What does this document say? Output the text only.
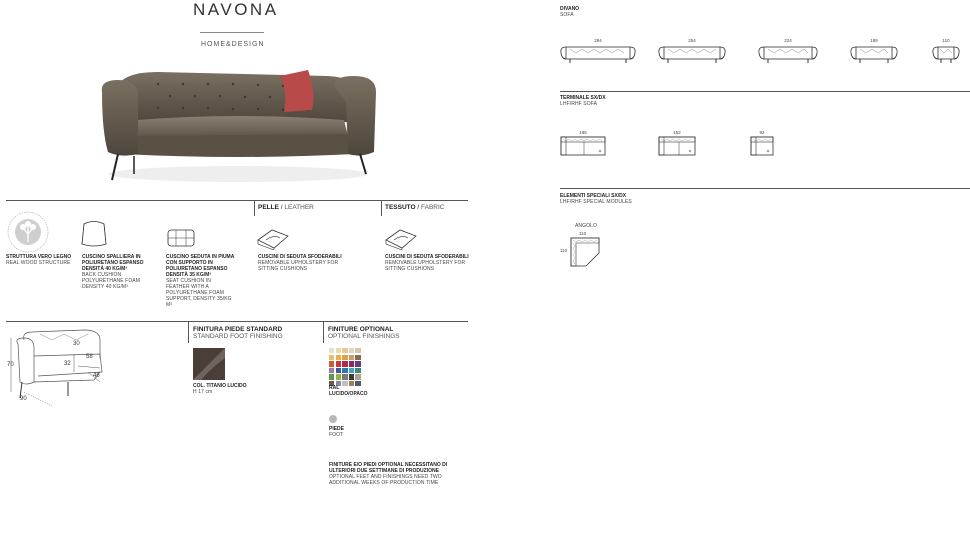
NAVONA
HOME&DESIGN
PELLE / LEATHER	TESSUTO / FABRIC
STRUTTURA VERO LEGNO
REAL WOOD STRUCTURE
CUSCINO SPALLIERA IN POLIURETANO ESPANSO DENSITÀ 40 KG/M³
BACK CUSHION POLYURETHANE FOAM DENSITY 40 KG/M³
CUSCINO SEDUTA IN PIUMA CON SUPPORTO IN POLIURETANO ESPANSO DENSITÀ 35 KG/M³
SEAT CUSHION IN FEATHER WITH A POLYURETHANE FOAM SUPPORT, DENSITY 35/KG M³
CUSCINI DI SEDUTA SFODERABILI
REMOVABLE UPHOLSTERY FOR SITTING CUSHIONS
CUSCINI DI SEDUTA SFODERABILI
REMOVABLE UPHOLSTERY FOR SITTING CUSHIONS
70	32
30
58
46
90
FINITURA PIEDE STANDARD
STANDARD FOOT FINISHING
COL. TITANIO LUCIDO
H 17 cm
FINITURE OPTIONAL
OPTIONAL FINISHINGS
RAL
LUCIDO/OPACO
PIEDE
FOOT
FINITURE E/O PIEDI OPTIONAL NECESSITANO DI ULTERIORI DUE SETTIMANE DI PRODUZIONE
OPTIONAL FEET AND FINISHINGS NEED TWO ADDITIONAL WEEKS OF PRODUCTION TIME
DIVANO
SOFA
294	254	224	189	110
TERMINALE SX/DX
LHF/RHF SOFA
186	152	92
ELEMENTI SPECIALI SX/DX
LHF/RHF SPECIAL MODULES
ANGOLO
110
110
